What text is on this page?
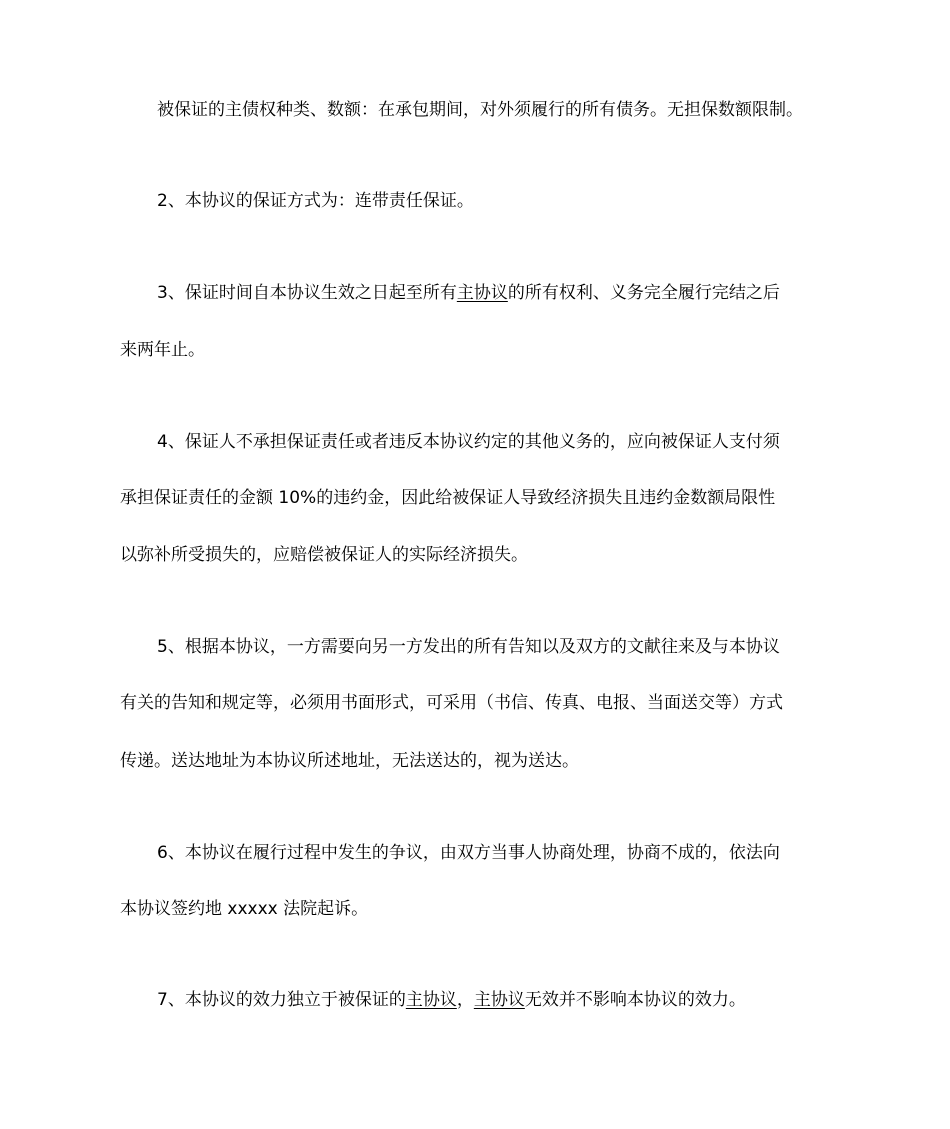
被保证的主债权种类、数额：在承包期间，对外须履行的所有债务。无担保数额限制。
2、本协议的保证方式为：连带责任保证。
3、保证时间自本协议生效之日起至所有主协议的所有权利、义务完全履行完结之后
来两年止。
4、保证人不承担保证责任或者违反本协议约定的其他义务的，应向被保证人支付须
承担保证责任的金额 10%的违约金，因此给被保证人导致经济损失且违约金数额局限性
以弥补所受损失的，应赔偿被保证人的实际经济损失。
5、根据本协议，一方需要向另一方发出的所有告知以及双方的文献往来及与本协议
有关的告知和规定等，必须用书面形式，可采用（书信、传真、电报、当面送交等）方式
传递。送达地址为本协议所述地址，无法送达的，视为送达。
6、本协议在履行过程中发生的争议，由双方当事人协商处理，协商不成的，依法向
本协议签约地 xxxxx 法院起诉。
7、本协议的效力独立于被保证的主协议，主协议无效并不影响本协议的效力。
